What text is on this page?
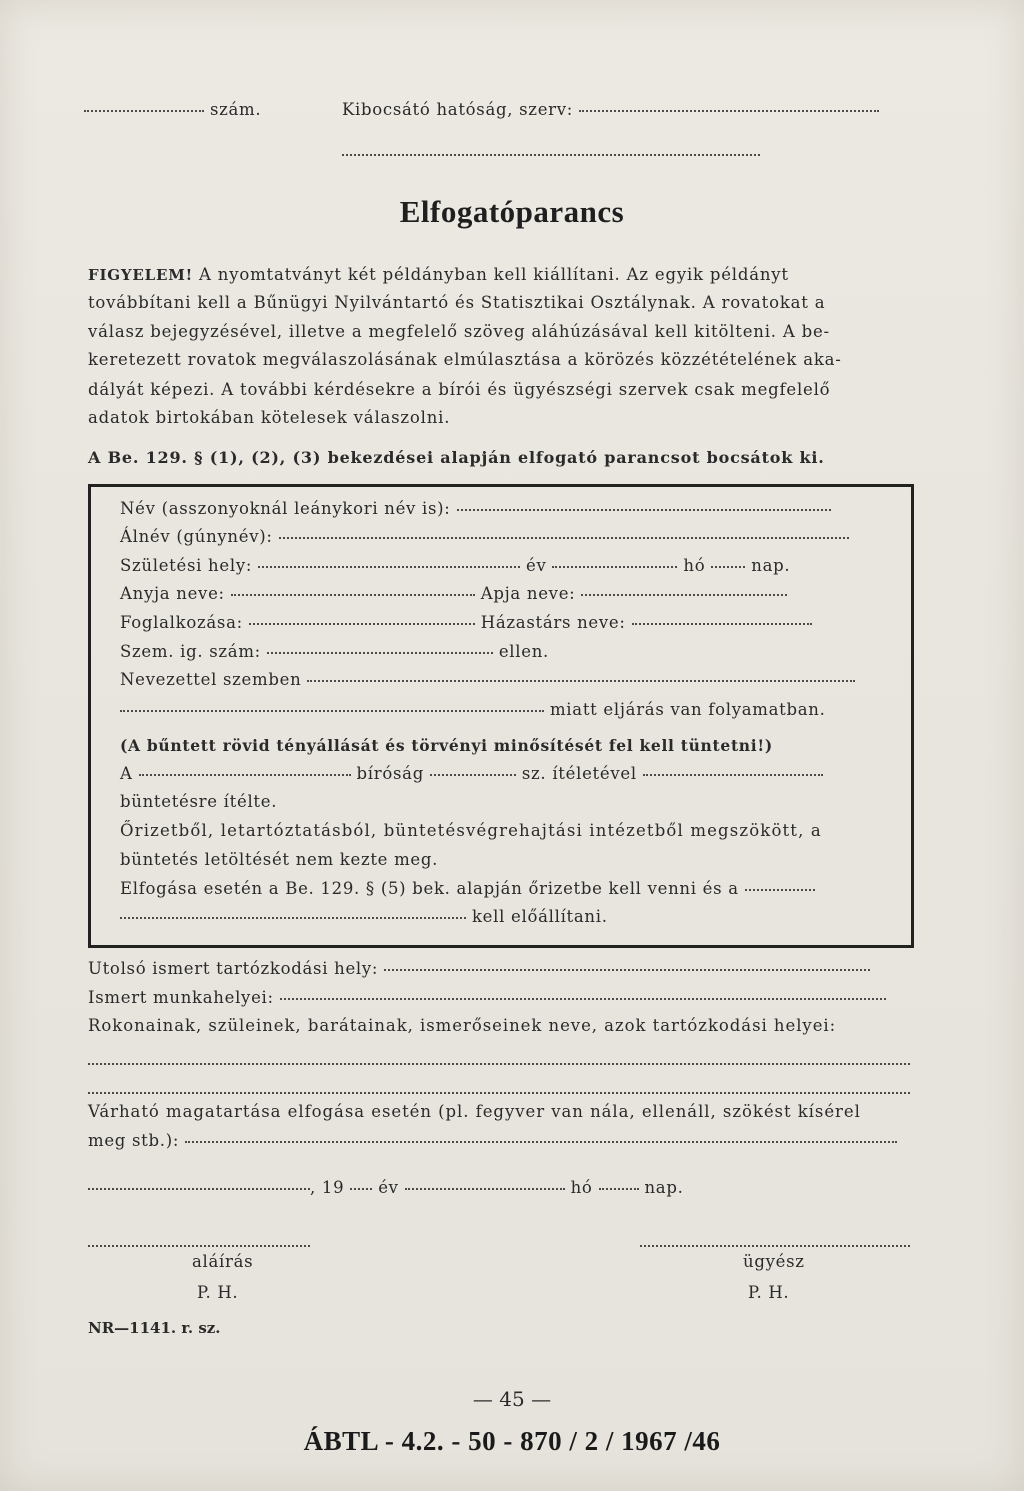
szám.	Kibocsátó hatóság, szerv:
Elfogatóparancs
FIGYELEM! A nyomtatványt két példányban kell kiállítani. Az egyik példányt
továbbítani kell a Bűnügyi Nyilvántartó és Statisztikai Osztálynak. A rovatokat a
válasz bejegyzésével, illetve a megfelelő szöveg aláhúzásával kell kitölteni. A be-
keretezett rovatok megválaszolásának elmúlasztása a körözés közzétételének aka-
dályát képezi. A további kérdésekre a bírói és ügyészségi szervek csak megfelelő
adatok birtokában kötelesek válaszolni.
A Be. 129. § (1), (2), (3) bekezdései alapján elfogató parancsot bocsátok ki.
Név (asszonyoknál leánykori név is):
Álnév (gúnynév):
Születési hely:	év	hó	nap.
Anyja neve:	Apja neve:
Foglalkozása:	Házastárs neve:
Szem. ig. szám:	ellen.
Nevezettel szemben
miatt eljárás van folyamatban.
(A bűntett rövid tényállását és törvényi minősítését fel kell tüntetni!)
A	bíróság	sz. ítéletével
büntetésre ítélte.
Őrizetből, letartóztatásból, büntetésvégrehajtási intézetből megszökött, a
büntetés letöltését nem kezte meg.
Elfogása esetén a Be. 129. § (5) bek. alapján őrizetbe kell venni és a
kell előállítani.
Utolsó ismert tartózkodási hely:
Ismert munkahelyei:
Rokonainak, szüleinek, barátainak, ismerőseinek neve, azok tartózkodási helyei:
Várható magatartása elfogása esetén (pl. fegyver van nála, ellenáll, szökést kísérel
meg stb.):
, 19 év	hó	nap.
aláírás	ügyész
P. H.	P. H.
NR—1141. r. sz.
— 45 —
ÁBTL - 4.2. - 50 - 870 / 2 / 1967 /46
